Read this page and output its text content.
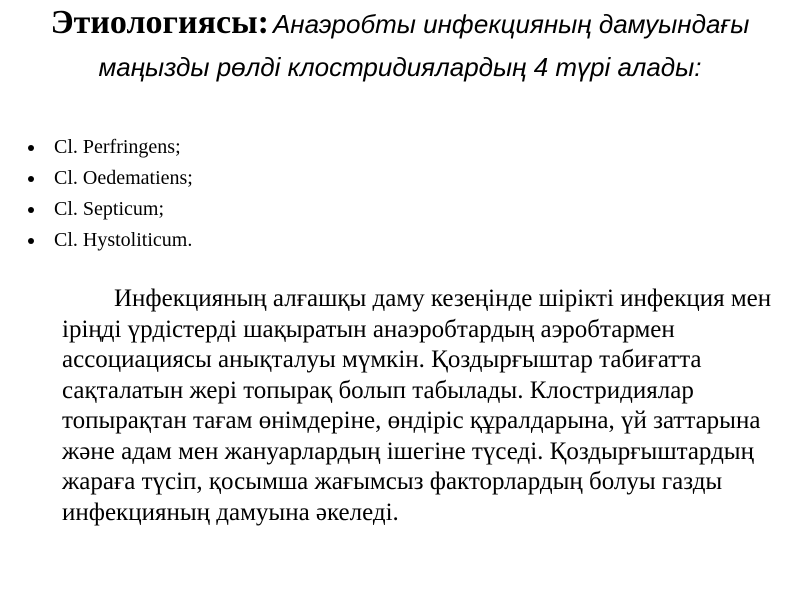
Этиологиясы: Анаэробты инфекцияның дамуындағы маңызды рөлді клостридиялардың 4 түрі алады:
Cl. Perfringens;
Cl. Oedematiens;
Cl. Septicum;
Cl. Hystoliticum.

Инфекцияның алғашқы даму кезеңінде шірікті инфекция мен іріңді үрдістерді шақыратын анаэробтардың аэробтармен ассоциациясы анықталуы мүмкін. Қоздырғыштар табиғатта сақталатын жері топырақ болып табылады. Клостридиялар топырақтан тағам өнімдеріне, өндіріс құралдарына, үй заттарына және адам мен жануарлардың ішегіне түседі. Қоздырғыштардың жараға түсіп, қосымша жағымсыз факторлардың болуы газды инфекцияның дамуына әкеледі.
